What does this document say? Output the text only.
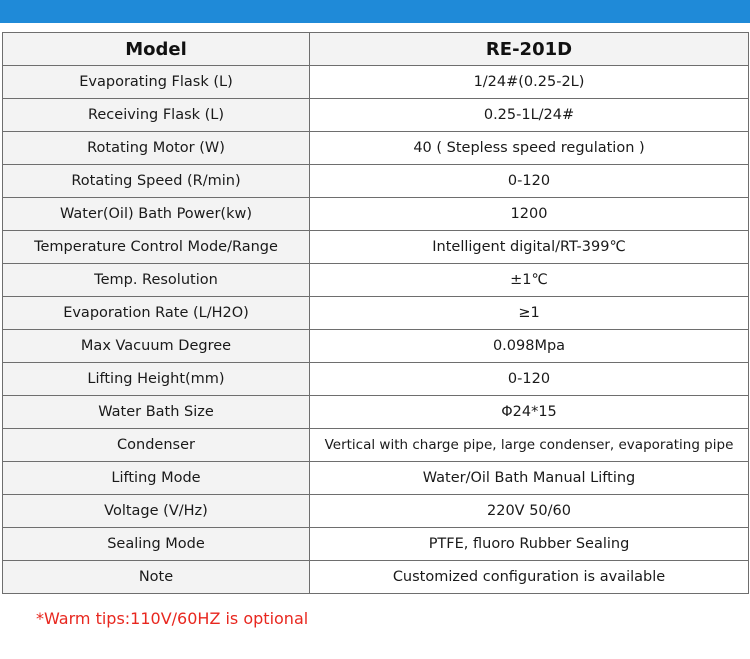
Model	RE-201D
Evaporating Flask (L)	1/24#(0.25-2L)
Receiving Flask (L)	0.25-1L/24#
Rotating Motor (W)	40 ( Stepless speed regulation )
Rotating Speed (R/min)	0-120
Water(Oil) Bath Power(kw)	1200
Temperature Control Mode/Range	Intelligent digital/RT-399℃
Temp. Resolution	±1℃
Evaporation Rate (L/H2O)	≥1
Max Vacuum Degree	0.098Mpa
Lifting Height(mm)	0-120
Water Bath Size	Φ24*15
Condenser	Vertical with charge pipe, large condenser, evaporating pipe
Lifting Mode	Water/Oil Bath Manual Lifting
Voltage (V/Hz)	220V 50/60
Sealing Mode	PTFE, fluoro Rubber Sealing
Note	Customized configuration is available
*Warm tips:110V/60HZ is optional
